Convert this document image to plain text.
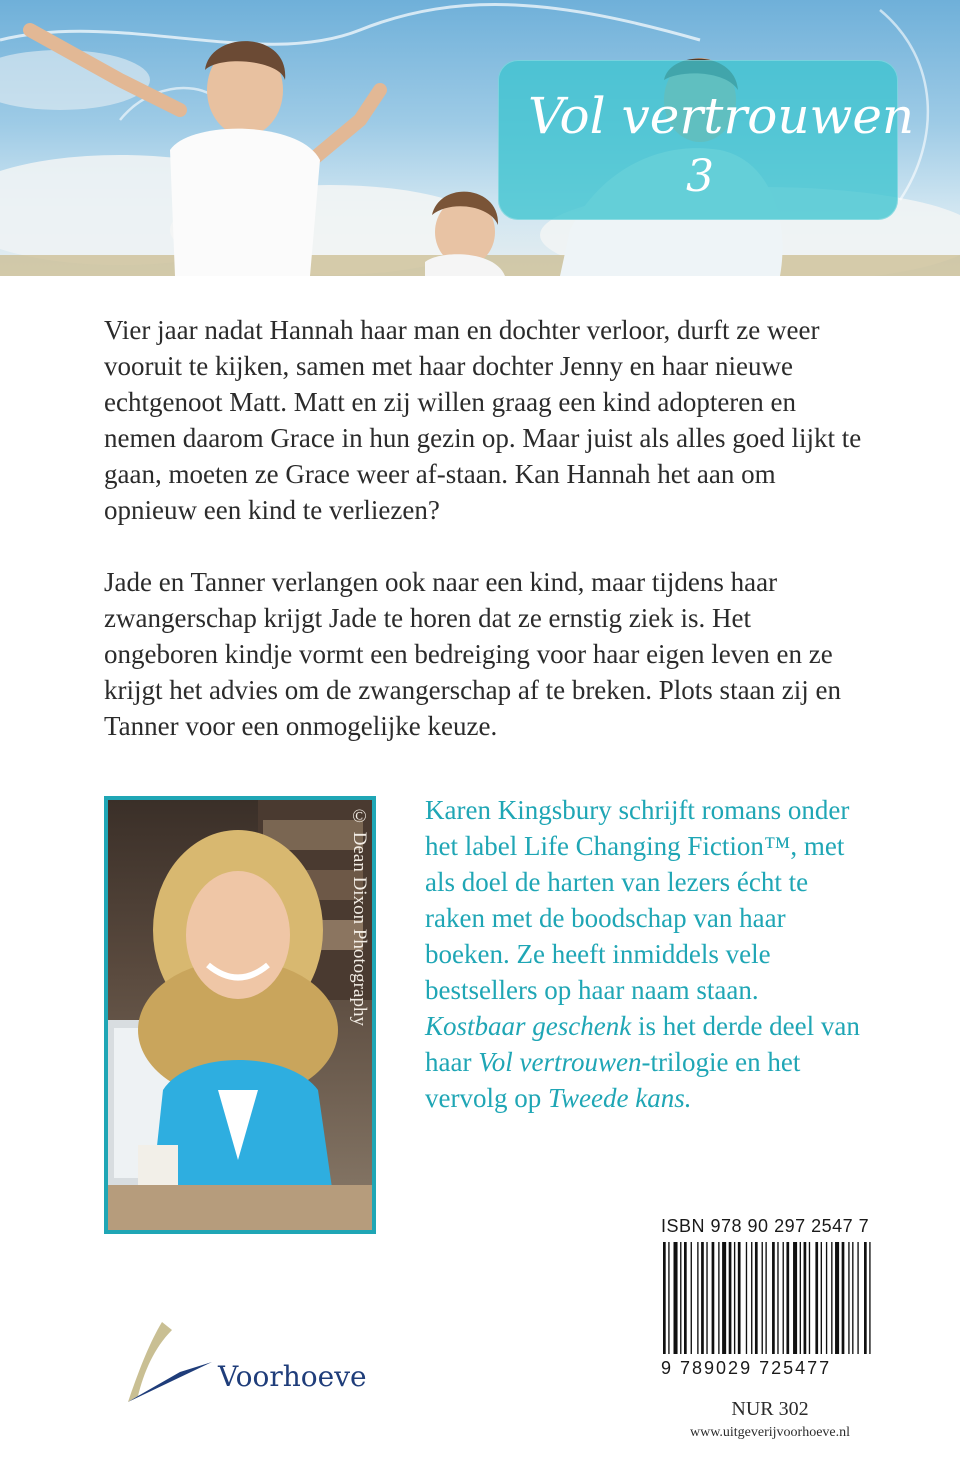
Vol vertrouwen
3

Vier jaar nadat Hannah haar man en dochter verloor, durft ze weer vooruit te kijken, samen met haar dochter Jenny en haar nieuwe echtgenoot Matt. Matt en zij willen graag een kind adopteren en nemen daarom Grace in hun gezin op. Maar juist als alles goed lijkt te gaan, moeten ze Grace weer af-staan. Kan Hannah het aan om opnieuw een kind te verliezen?

Jade en Tanner verlangen ook naar een kind, maar tijdens haar zwangerschap krijgt Jade te horen dat ze ernstig ziek is. Het ongeboren kindje vormt een bedreiging voor haar eigen leven en ze krijgt het advies om de zwangerschap af te breken. Plots staan zij en Tanner voor een onmogelijke keuze.

© Dean Dixon Photography Karen Kingsbury schrijft romans onder het label Life Changing Fiction™, met als doel de harten van lezers écht te raken met de boodschap van haar boeken. Ze heeft inmiddels vele bestsellers op haar naam staan. Kostbaar geschenk is het derde deel van haar Vol vertrouwen-trilogie en het vervolg op Tweede kans.

Voorhoeve
ISBN 978 90 297 2547 7
9 789029 725477
NUR 302
www.uitgeverijvoorhoeve.nl
